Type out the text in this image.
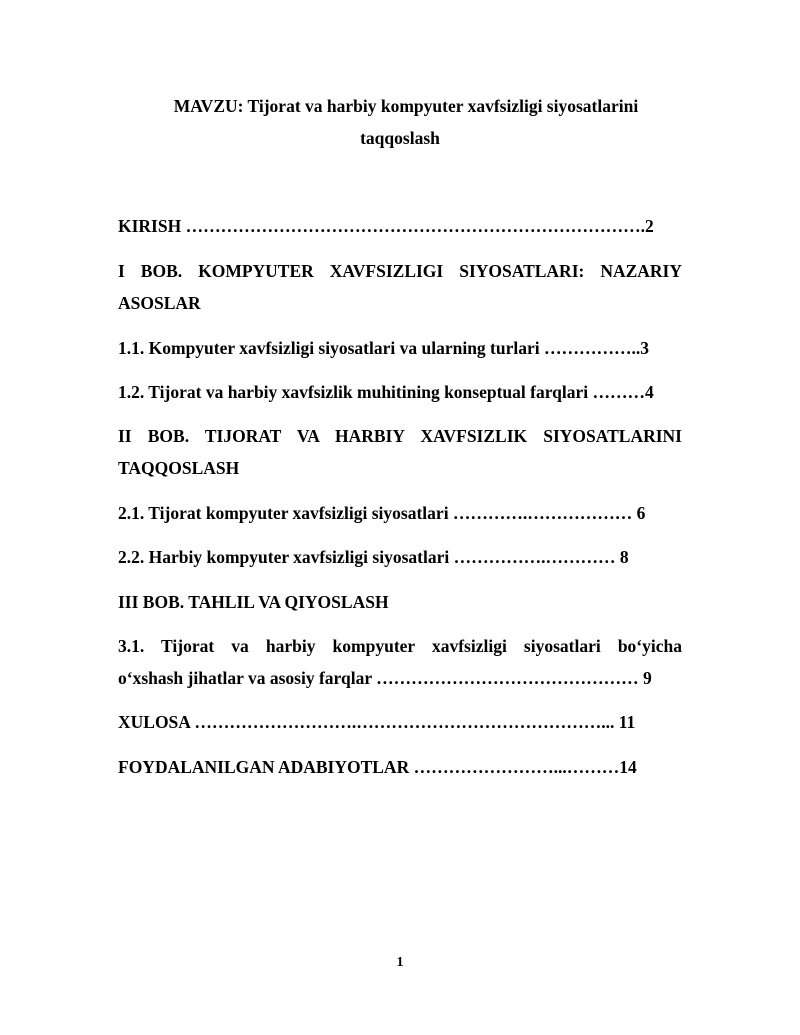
MAVZU: Tijorat va harbiy kompyuter xavfsizligi siyosatlarini
taqqoslash
KIRISH …………………………………………………………………….2
I BOB. KOMPYUTER XAVFSIZLIGI SIYOSATLARI: NAZARIY
ASOSLAR
1.1. Kompyuter xavfsizligi siyosatlari va ularning turlari ……………..3
1.2. Tijorat va harbiy xavfsizlik muhitining konseptual farqlari ………4
II BOB. TIJORAT VA HARBIY XAVFSIZLIK SIYOSATLARINI
TAQQOSLASH
2.1. Tijorat kompyuter xavfsizligi siyosatlari ………….……………… 6
2.2. Harbiy kompyuter xavfsizligi siyosatlari …………….………… 8
III BOB. TAHLIL VA QIYOSLASH
3.1. Tijorat va harbiy kompyuter xavfsizligi siyosatlari bo‘yicha
o‘xshash jihatlar va asosiy farqlar ……………………………………… 9
XULOSA ……………………….……………………………………... 11
FOYDALANILGAN ADABIYOTLAR ……………………...………14
1
